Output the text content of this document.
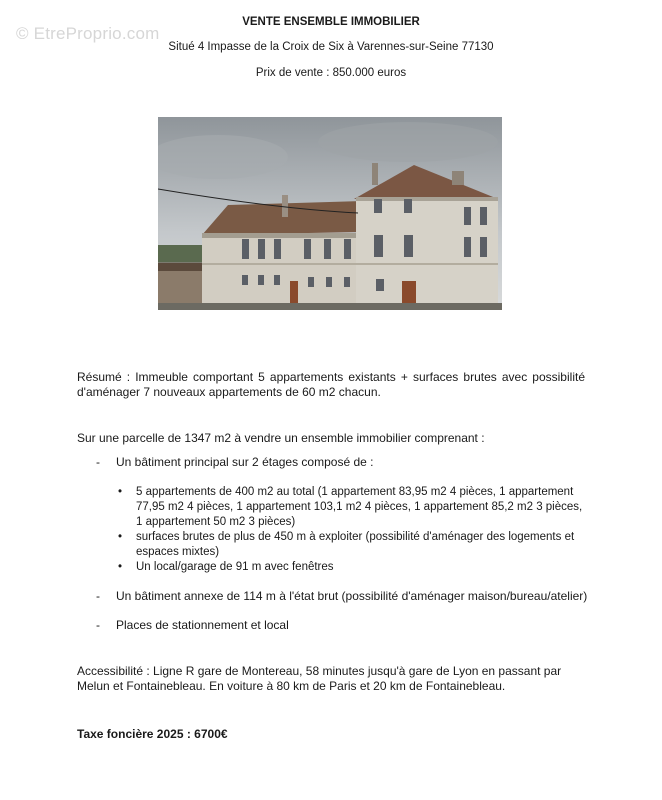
© EtreProprio.com
VENTE ENSEMBLE IMMOBILIER
Situé 4 Impasse de la Croix de Six à Varennes-sur-Seine 77130
Prix de vente : 850.000 euros
Résumé : Immeuble comportant 5 appartements existants + surfaces brutes avec possibilité d'aménager 7 nouveaux appartements de 60 m2 chacun.
Sur une parcelle de 1347 m2 à vendre un ensemble immobilier comprenant :
- Un bâtiment principal sur 2 étages composé de :
• 5 appartements de 400 m2 au total (1 appartement 83,95 m2 4 pièces, 1 appartement 77,95 m2 4 pièces, 1 appartement 103,1 m2 4 pièces, 1 appartement 85,2 m2 3 pièces, 1 appartement 50 m2 3 pièces)
• surfaces brutes de plus de 450 m à exploiter (possibilité d'aménager des logements et espaces mixtes)
• Un local/garage de 91 m avec fenêtres
- Un bâtiment annexe de 114 m à l'état brut (possibilité d'aménager maison/bureau/atelier)
- Places de stationnement et local
Accessibilité : Ligne R gare de Montereau, 58 minutes jusqu'à gare de Lyon en passant par Melun et Fontainebleau. En voiture à 80 km de Paris et 20 km de Fontainebleau.
Taxe foncière 2025 : 6700€
